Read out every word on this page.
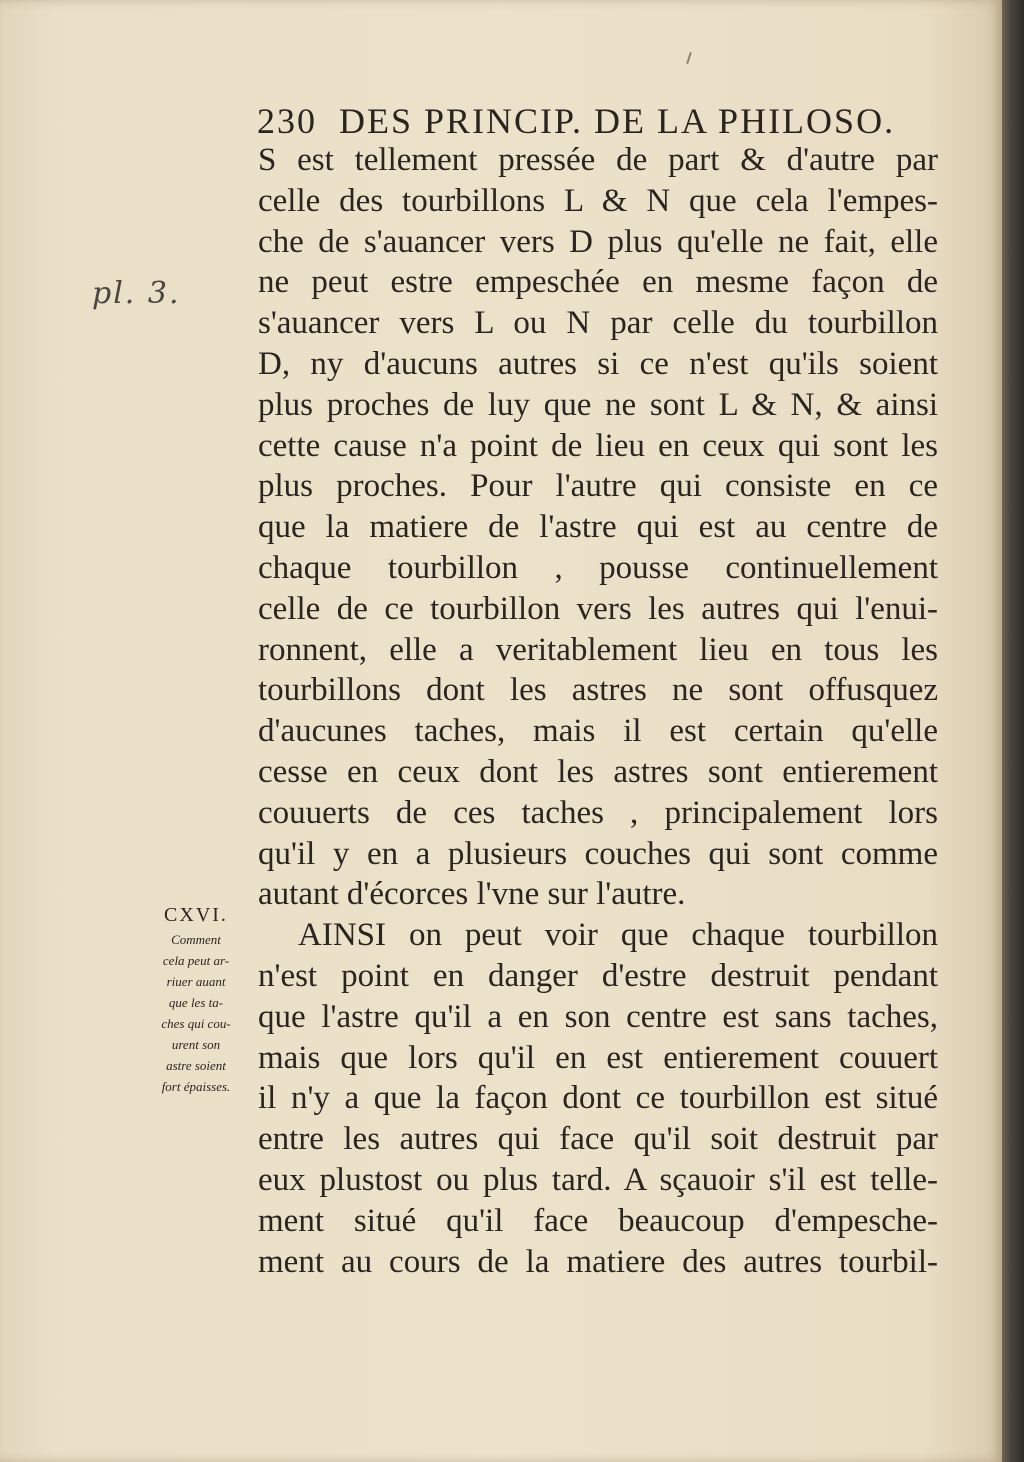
230 DES PRINCIP. DE LA PHILOSO.
pl. 3.
S est tellement pressée de part & d'autre par
celle des tourbillons L & N que cela l'empes-
che de s'auancer vers D plus qu'elle ne fait, elle
ne peut estre empeschée en mesme façon de
s'auancer vers L ou N par celle du tourbillon
D, ny d'aucuns autres si ce n'est qu'ils soient
plus proches de luy que ne sont L & N, & ainsi
cette cause n'a point de lieu en ceux qui sont les
plus proches. Pour l'autre qui consiste en ce
que la matiere de l'astre qui est au centre de
chaque tourbillon , pousse continuellement
celle de ce tourbillon vers les autres qui l'enui-
ronnent, elle a veritablement lieu en tous les
tourbillons dont les astres ne sont offusquez
d'aucunes taches, mais il est certain qu'elle
cesse en ceux dont les astres sont entierement
couuerts de ces taches , principalement lors
qu'il y en a plusieurs couches qui sont comme
autant d'écorces l'vne sur l'autre.
AINSI on peut voir que chaque tourbillon
n'est point en danger d'estre destruit pendant
que l'astre qu'il a en son centre est sans taches,
mais que lors qu'il en est entierement couuert
il n'y a que la façon dont ce tourbillon est situé
entre les autres qui face qu'il soit destruit par
eux plustost ou plus tard. A sçauoir s'il est telle-
ment situé qu'il face beaucoup d'empesche-
ment au cours de la matiere des autres tourbil-
CXVI.
Comment
cela peut ar-
riuer auant
que les ta-
ches qui cou-
urent son
astre soient
fort épaisses.
